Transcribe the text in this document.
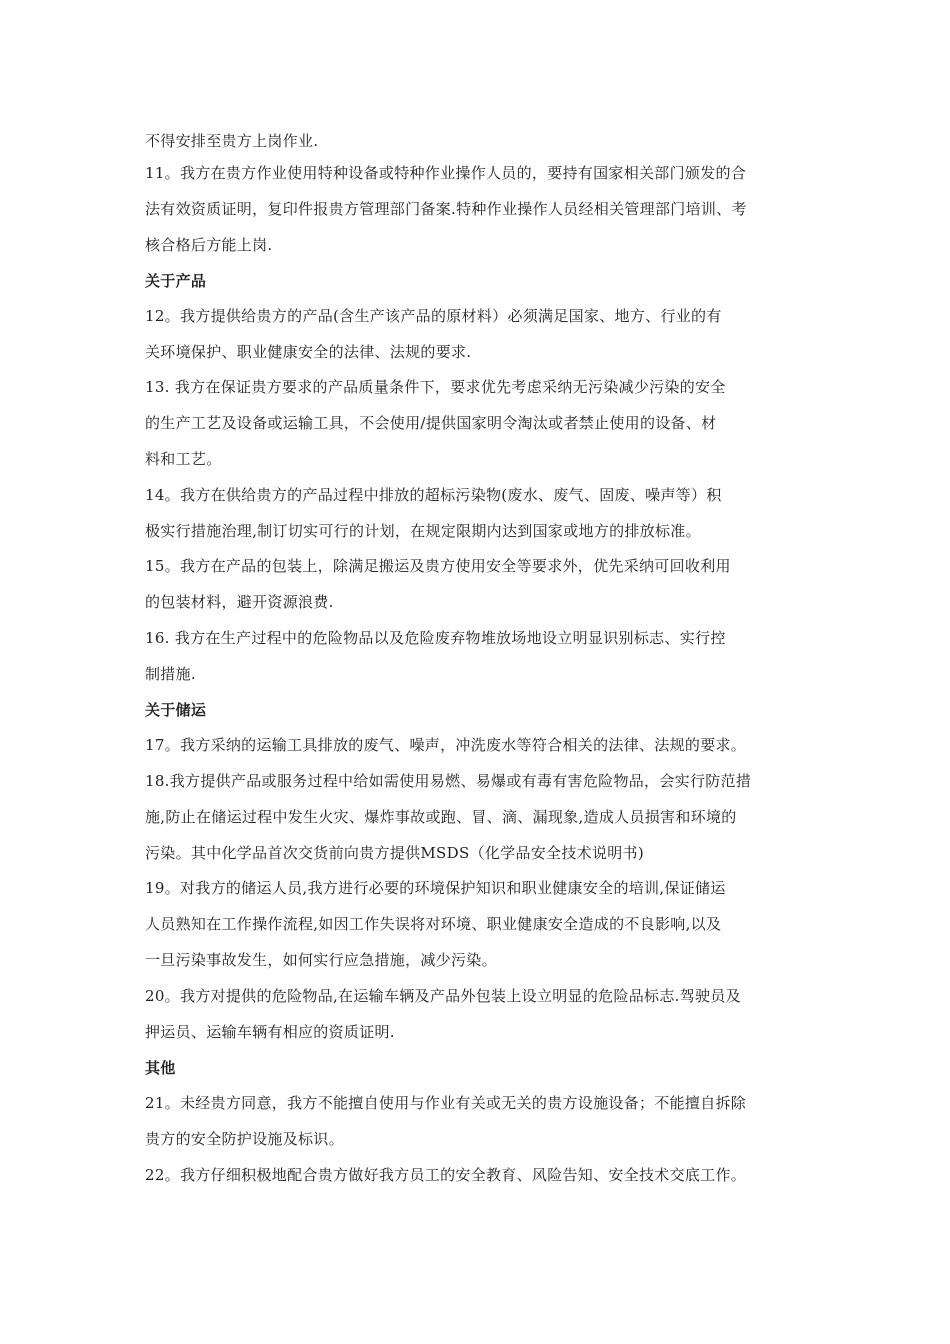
不得安排至贵方上岗作业.
11。我方在贵方作业使用特种设备或特种作业操作人员的，要持有国家相关部门颁发的合
法有效资质证明，复印件报贵方管理部门备案.特种作业操作人员经相关管理部门培训、考
核合格后方能上岗.
关于产品
12。我方提供给贵方的产品(含生产该产品的原材料）必须满足国家、地方、行业的有
关环境保护、职业健康安全的法律、法规的要求.
13. 我方在保证贵方要求的产品质量条件下，要求优先考虑采纳无污染减少污染的安全
的生产工艺及设备或运输工具，不会使用/提供国家明令淘汰或者禁止使用的设备、材
料和工艺。
14。我方在供给贵方的产品过程中排放的超标污染物(废水、废气、固废、噪声等）积
极实行措施治理,制订切实可行的计划，在规定限期内达到国家或地方的排放标准。
15。我方在产品的包装上，除满足搬运及贵方使用安全等要求外，优先采纳可回收利用
的包装材料，避开资源浪费.
16. 我方在生产过程中的危险物品以及危险废弃物堆放场地设立明显识别标志、实行控
制措施.
关于储运
17。我方采纳的运输工具排放的废气、噪声，冲洗废水等符合相关的法律、法规的要求。
18.我方提供产品或服务过程中给如需使用易燃、易爆或有毒有害危险物品，会实行防范措
施,防止在储运过程中发生火灾、爆炸事故或跑、冒、滴、漏现象,造成人员损害和环境的
污染。其中化学品首次交货前向贵方提供MSDS（化学品安全技术说明书)
19。对我方的储运人员,我方进行必要的环境保护知识和职业健康安全的培训,保证储运
人员熟知在工作操作流程,如因工作失误将对环境、职业健康安全造成的不良影响,以及
一旦污染事故发生，如何实行应急措施，减少污染。
20。我方对提供的危险物品,在运输车辆及产品外包装上设立明显的危险品标志.驾驶员及
押运员、运输车辆有相应的资质证明.
其他
21。未经贵方同意，我方不能擅自使用与作业有关或无关的贵方设施设备；不能擅自拆除
贵方的安全防护设施及标识。
22。我方仔细积极地配合贵方做好我方员工的安全教育、风险告知、安全技术交底工作。
